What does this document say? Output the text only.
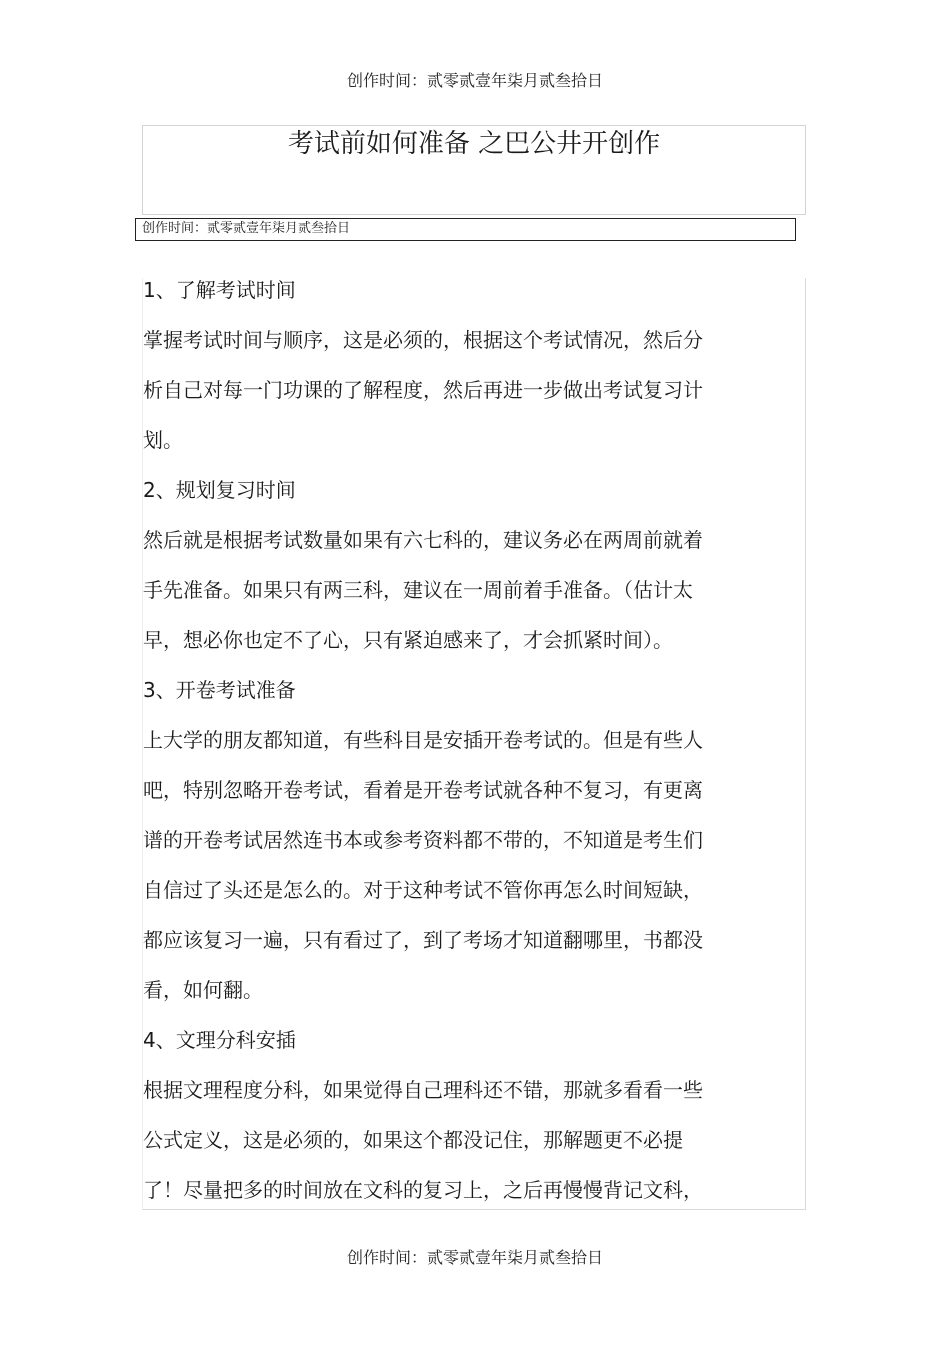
创作时间：贰零贰壹年柒月贰叁拾日
考试前如何准备 之巴公井开创作
创作时间：贰零贰壹年柒月贰叁拾日
1、了解考试时间
掌握考试时间与顺序，这是必须的，根据这个考试情况，然后分
析自己对每一门功课的了解程度，然后再进一步做出考试复习计
划。
2、规划复习时间
然后就是根据考试数量如果有六七科的，建议务必在两周前就着
手先准备。如果只有两三科，建议在一周前着手准备。（估计太
早，想必你也定不了心，只有紧迫感来了，才会抓紧时间）。
3、开卷考试准备
上大学的朋友都知道，有些科目是安插开卷考试的。但是有些人
吧，特别忽略开卷考试，看着是开卷考试就各种不复习，有更离
谱的开卷考试居然连书本或参考资料都不带的，不知道是考生们
自信过了头还是怎么的。对于这种考试不管你再怎么时间短缺，
都应该复习一遍，只有看过了，到了考场才知道翻哪里，书都没
看，如何翻。
4、文理分科安插
根据文理程度分科，如果觉得自己理科还不错，那就多看看一些
公式定义，这是必须的，如果这个都没记住，那解题更不必提
了！尽量把多的时间放在文科的复习上，之后再慢慢背记文科，
创作时间：贰零贰壹年柒月贰叁拾日
